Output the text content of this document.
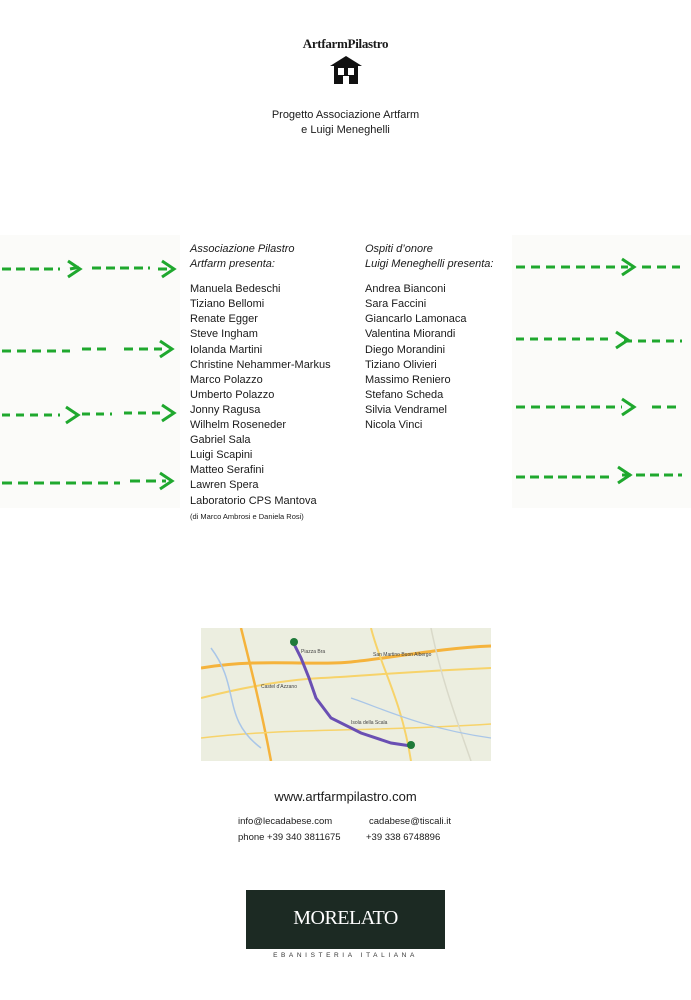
ArtfarmPilastro
Progetto Associazione Artfarm
e Luigi Meneghelli
Associazione Pilastro
Artfarm presenta:
Manuela Bedeschi
Tiziano Bellomi
Renate Egger
Steve Ingham
Iolanda Martini
Christine Nehammer-Markus
Marco Polazzo
Umberto Polazzo
Jonny Ragusa
Wilhelm Roseneder
Gabriel Sala
Luigi Scapini
Matteo Serafini
Lawren Spera
Laboratorio CPS Mantova
(di Marco Ambrosi e Daniela Rosi)
Ospiti d’onore
Luigi Meneghelli presenta:
Andrea Bianconi
Sara Faccini
Giancarlo Lamonaca
Valentina Miorandi
Diego Morandini
Tiziano Olivieri
Massimo Reniero
Stefano Scheda
Silvia Vendramel
Nicola Vinci
Piazza Bra	San Martino Buon Albergo
Castel d'Azzano
Isola della Scala
www.artfarmpilastro.com
info@lecadabese.com
phone +39 340 3811675
cadabese@tiscali.it
+39 338 6748896
MORELATO
EBANISTERIA ITALIANA
